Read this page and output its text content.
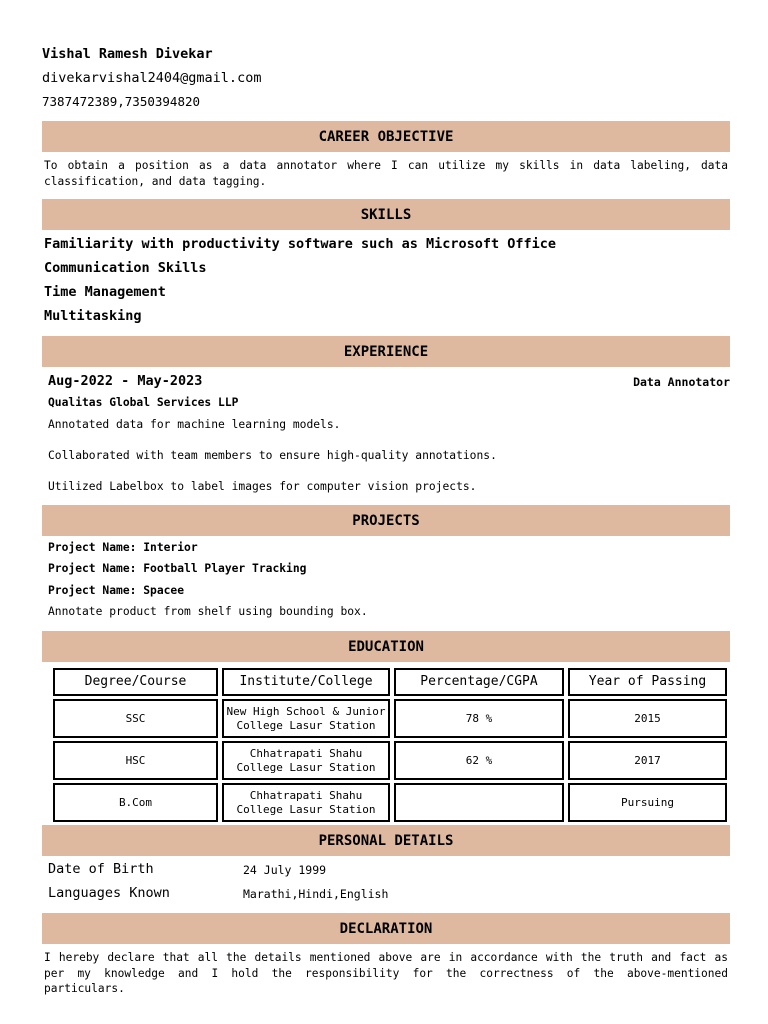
Vishal Ramesh Divekar
divekarvishal2404@gmail.com
7387472389,7350394820
CAREER OBJECTIVE
To obtain a position as a data annotator where I can utilize my skills in data labeling, data classification, and data tagging.
SKILLS
Familiarity with productivity software such as Microsoft Office
Communication Skills
Time Management
Multitasking
EXPERIENCE
Aug-2022 - May-2023	Data Annotator
Qualitas Global Services LLP
Annotated data for machine learning models.
Collaborated with team members to ensure high-quality annotations.
Utilized Labelbox to label images for computer vision projects.
PROJECTS
Project Name: Interior
Project Name: Football Player Tracking
Project Name: Spacee
Annotate product from shelf using bounding box.
EDUCATION
Degree/Course	Institute/College	Percentage/CGPA	Year of Passing
SSC	New High School & Junior College Lasur Station	78 %	2015
HSC	Chhatrapati Shahu College Lasur Station	62 %	2017
B.Com	Chhatrapati Shahu College Lasur Station		Pursuing
PERSONAL DETAILS
Date of Birth	24 July 1999
Languages Known	Marathi,Hindi,English
DECLARATION
I hereby declare that all the details mentioned above are in accordance with the truth and fact as per my knowledge and I hold the responsibility for the correctness of the above-mentioned particulars.
